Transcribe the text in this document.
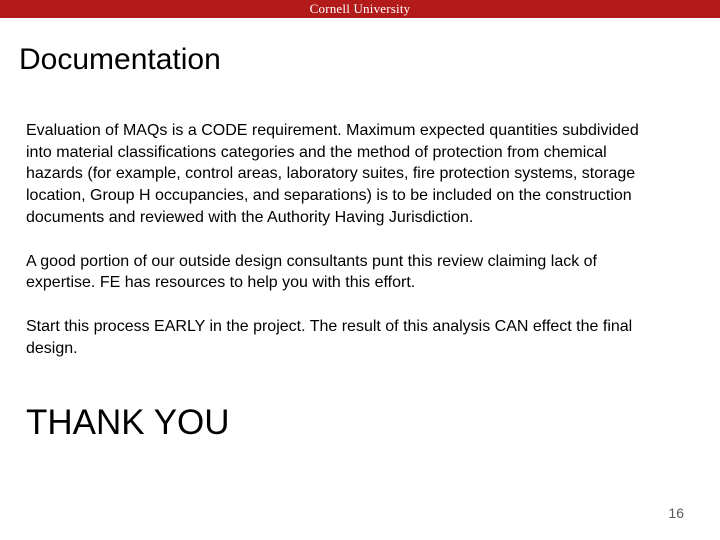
Cornell University
Documentation

Evaluation of MAQs is a CODE requirement. Maximum expected quantities subdivided into material classifications categories and the method of protection from chemical hazards (for example, control areas, laboratory suites, fire protection systems, storage location, Group H occupancies, and separations) is to be included on the construction documents and reviewed with the Authority Having Jurisdiction.

A good portion of our outside design consultants punt this review claiming lack of expertise. FE has resources to help you with this effort.

Start this process EARLY in the project. The result of this analysis CAN effect the final design.

THANK YOU
16
